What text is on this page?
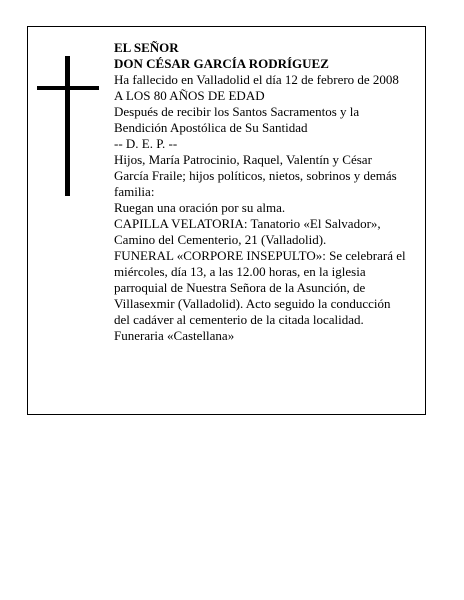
EL SEÑOR
DON CÉSAR GARCÍA RODRÍGUEZ
Ha fallecido en Valladolid el día 12 de febrero de 2008
A LOS 80 AÑOS DE EDAD
Después de recibir los Santos Sacramentos y la
Bendición Apostólica de Su Santidad
-- D. E. P. --
Hijos, María Patrocinio, Raquel, Valentín y César
García Fraile; hijos políticos, nietos, sobrinos y demás
familia:
Ruegan una oración por su alma.
CAPILLA VELATORIA: Tanatorio «El Salvador»,
Camino del Cementerio, 21 (Valladolid).
FUNERAL «CORPORE INSEPULTO»: Se celebrará el
miércoles, día 13, a las 12.00 horas, en la iglesia
parroquial de Nuestra Señora de la Asunción, de
Villasexmir (Valladolid). Acto seguido la conducción
del cadáver al cementerio de la citada localidad.
Funeraria «Castellana»
